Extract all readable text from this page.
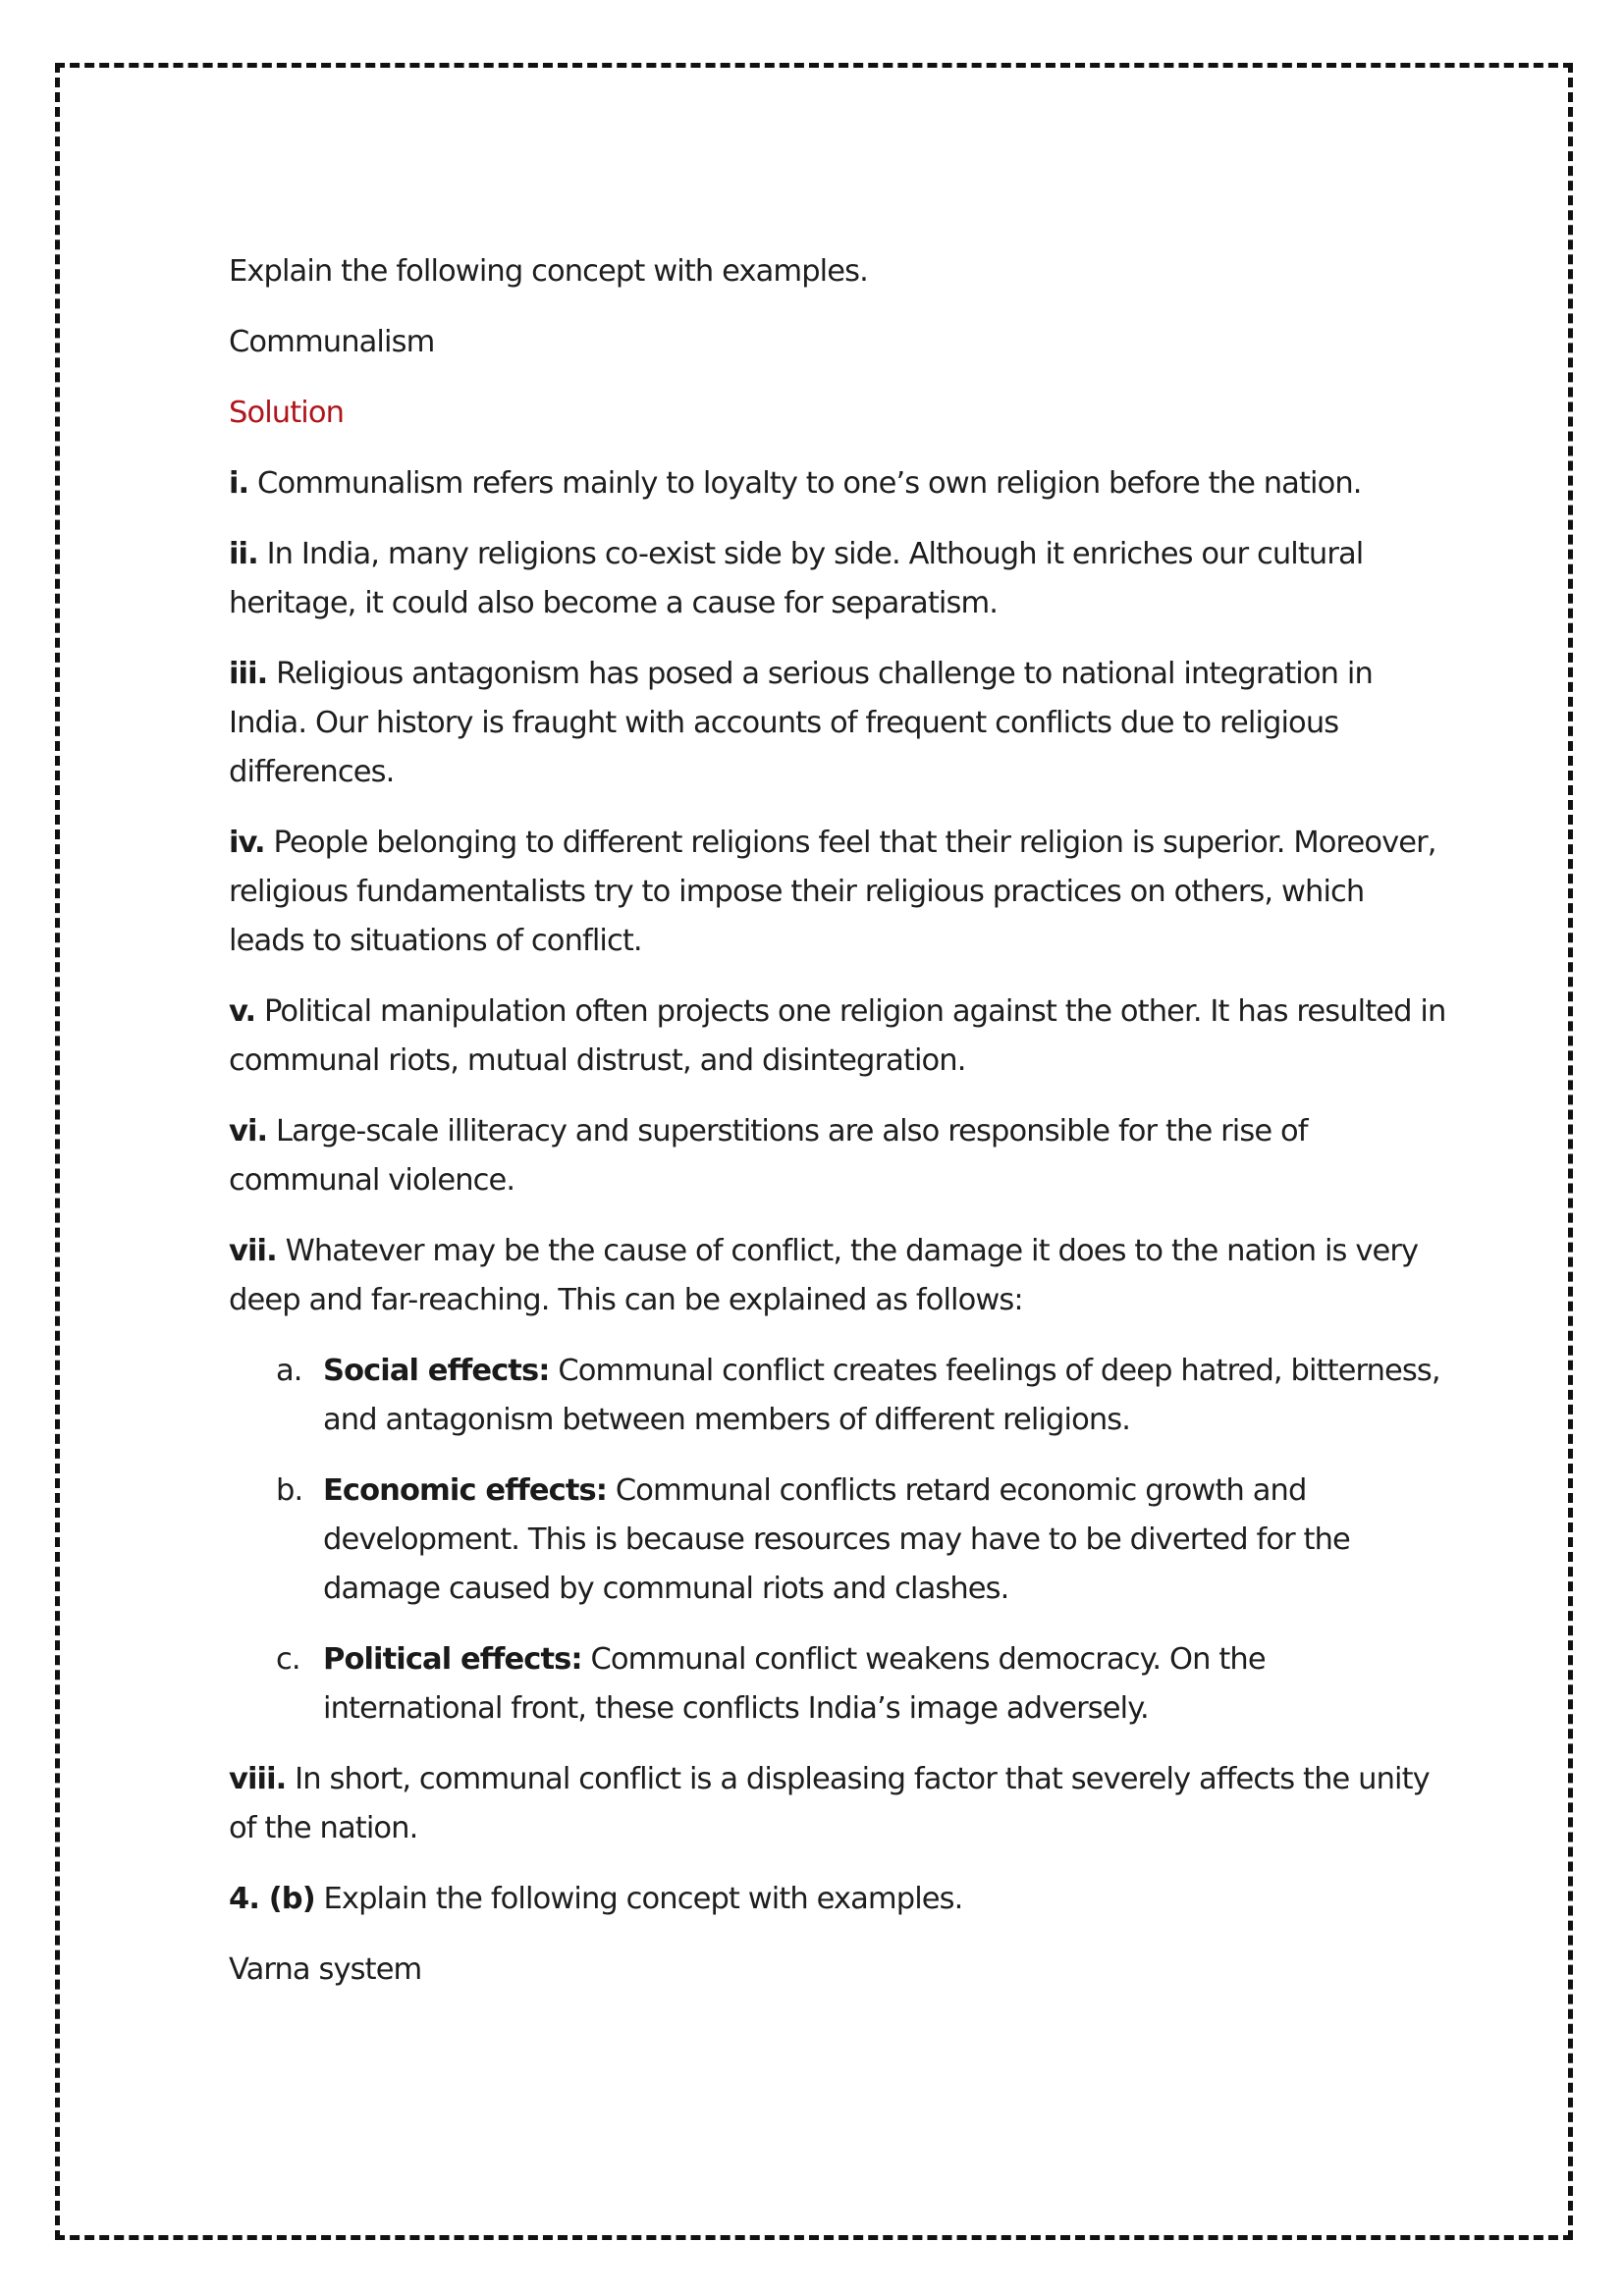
Explain the following concept with examples.

Communalism

Solution

i. Communalism refers mainly to loyalty to one’s own religion before the nation.

ii. In India, many religions co-exist side by side. Although it enriches our cultural heritage, it could also become a cause for separatism.

iii. Religious antagonism has posed a serious challenge to national integration in India. Our history is fraught with accounts of frequent conflicts due to religious differences.

iv. People belonging to different religions feel that their religion is superior. Moreover, religious fundamentalists try to impose their religious practices on others, which leads to situations of conflict.

v. Political manipulation often projects one religion against the other. It has resulted in communal riots, mutual distrust, and disintegration.

vi. Large-scale illiteracy and superstitions are also responsible for the rise of communal violence.

vii. Whatever may be the cause of conflict, the damage it does to the nation is very deep and far-reaching. This can be explained as follows:

a. Social effects: Communal conflict creates feelings of deep hatred, bitterness, and antagonism between members of different religions.
b. Economic effects: Communal conflicts retard economic growth and development. This is because resources may have to be diverted for the damage caused by communal riots and clashes.
c. Political effects: Communal conflict weakens democracy. On the international front, these conflicts India’s image adversely.

viii. In short, communal conflict is a displeasing factor that severely affects the unity of the nation.

4. (b) Explain the following concept with examples.

Varna system
